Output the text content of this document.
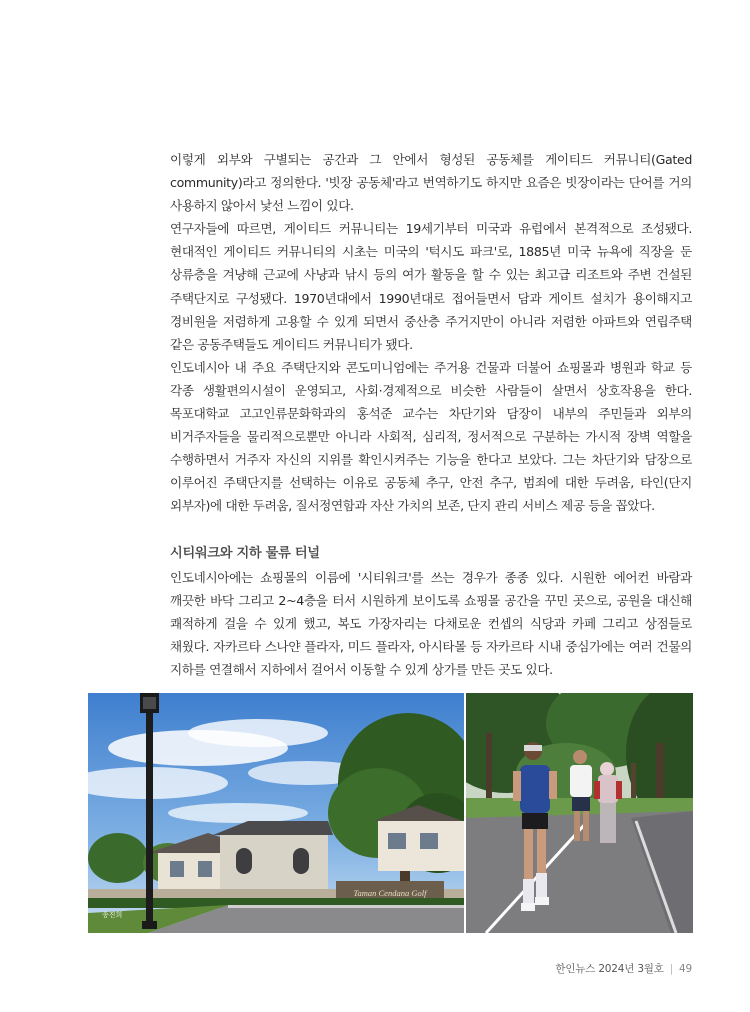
이렇게 외부와 구별되는 공간과 그 안에서 형성된 공동체를 게이티드 커뮤니티(Gated community)라고 정의한다. '빗장 공동체'라고 번역하기도 하지만 요즘은 빗장이라는 단어를 거의 사용하지 않아서 낯선 느낌이 있다.

연구자들에 따르면, 게이티드 커뮤니티는 19세기부터 미국과 유럽에서 본격적으로 조성됐다. 현대적인 게이티드 커뮤니티의 시초는 미국의 '턱시도 파크'로, 1885년 미국 뉴욕에 직장을 둔 상류층을 겨냥해 근교에 사냥과 낚시 등의 여가 활동을 할 수 있는 최고급 리조트와 주변 건설된 주택단지로 구성됐다. 1970년대에서 1990년대로 접어들면서 담과 게이트 설치가 용이해지고 경비원을 저렴하게 고용할 수 있게 되면서 중산층 주거지만이 아니라 저렴한 아파트와 연립주택 같은 공동주택들도 게이티드 커뮤니티가 됐다.

인도네시아 내 주요 주택단지와 콘도미니엄에는 주거용 건물과 더불어 쇼핑몰과 병원과 학교 등 각종 생활편의시설이 운영되고, 사회·경제적으로 비슷한 사람들이 살면서 상호작용을 한다. 목포대학교 고고인류문화학과의 홍석준 교수는 차단기와 담장이 내부의 주민들과 외부의 비거주자들을 물리적으로뿐만 아니라 사회적, 심리적, 정서적으로 구분하는 가시적 장벽 역할을 수행하면서 거주자 자신의 지위를 확인시켜주는 기능을 한다고 보았다. 그는 차단기와 담장으로 이루어진 주택단지를 선택하는 이유로 공동체 추구, 안전 추구, 범죄에 대한 두려움, 타인(단지 외부자)에 대한 두려움, 질서정연함과 자산 가치의 보존, 단지 관리 서비스 제공 등을 꼽았다.

시티워크와 지하 물류 터널

인도네시아에는 쇼핑몰의 이름에 '시티워크'를 쓰는 경우가 종종 있다. 시원한 에어컨 바람과 깨끗한 바닥 그리고 2~4층을 터서 시원하게 보이도록 쇼핑몰 공간을 꾸민 곳으로, 공원을 대신해 쾌적하게 걸을 수 있게 했고, 복도 가장자리는 다채로운 컨셉의 식당과 카페 그리고 상점들로 채웠다. 자카르타 스나얀 플라자, 미드 플라자, 아시타몰 등 자카르타 시내 중심가에는 여러 건물의 지하를 연결해서 지하에서 걸어서 이동할 수 있게 상가를 만든 곳도 있다.

Taman Cendana Golf
송진희
한인뉴스 2024년 3월호 | 49
